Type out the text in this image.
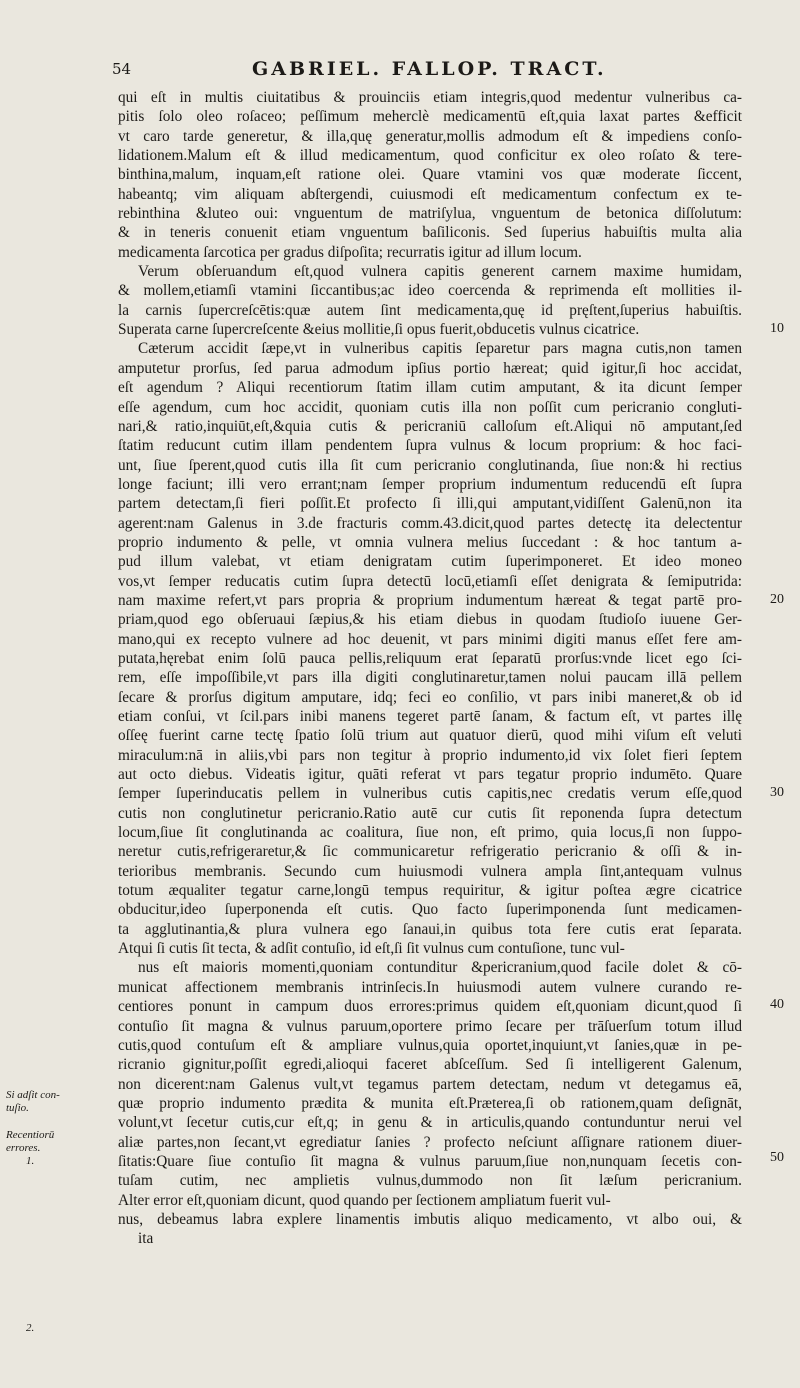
54	GABRIEL. FALLOP. TRACT.
Si adſit con-
tuſio.
Recentiorū
errores.
1.
2.
10
20
30
40
50
qui eſt in multis ciuitatibus & prouinciis etiam integris,quod medentur vulneribus ca-
pitis ſolo oleo roſaceo; peſſimum meherclè medicamentū eſt,quia laxat partes &efficit
vt caro tarde generetur, & illa,quę generatur,mollis admodum eſt & impediens conſo-
lidationem.Malum eſt & illud medicamentum, quod conficitur ex oleo roſato & tere-
binthina,malum, inquam,eſt ratione olei. Quare vtamini vos quæ moderate ſiccent,
habeantq; vim aliquam abſtergendi, cuiusmodi eſt medicamentum confectum ex te-
rebinthina &luteo oui: vnguentum de matriſylua, vnguentum de betonica diſſolutum:
& in teneris conuenit etiam vnguentum baſiliconis. Sed ſuperius habuiſtis multa alia
medicamenta ſarcotica per gradus diſpoſita; recurratis igitur ad illum locum.
Verum obſeruandum eſt,quod vulnera capitis generent carnem maxime humidam,
& mollem,etiamſi vtamini ſiccantibus;ac ideo coercenda & reprimenda eſt mollities il-
la carnis ſupercreſcētis:quæ autem ſint medicamenta,quę id pręſtent,ſuperius habuiſtis.
Superata carne ſupercreſcente &eius mollitie,ſi opus fuerit,obducetis vulnus cicatrice.
Cæterum accidit ſæpe,vt in vulneribus capitis ſeparetur pars magna cutis,non tamen
amputetur prorſus, ſed parua admodum ipſius portio hæreat; quid igitur,ſi hoc accidat,
eſt agendum ? Aliqui recentiorum ſtatim illam cutim amputant, & ita dicunt ſemper
eſſe agendum, cum hoc accidit, quoniam cutis illa non poſſit cum pericranio congluti-
nari,& ratio,inquiūt,eſt,&quia cutis & pericraniū calloſum eſt.Aliqui nō amputant,ſed
ſtatim reducunt cutim illam pendentem ſupra vulnus & locum proprium: & hoc faci-
unt, ſiue ſperent,quod cutis illa ſit cum pericranio conglutinanda, ſiue non:& hi rectius
longe faciunt; illi vero errant;nam ſemper proprium indumentum reducendū eſt ſupra
partem detectam,ſi fieri poſſit.Et profecto ſi illi,qui amputant,vidiſſent Galenū,non ita
agerent:nam Galenus in 3.de fracturis comm.43.dicit,quod partes detectę ita delectentur
proprio indumento & pelle, vt omnia vulnera melius ſuccedant : & hoc tantum a-
pud illum valebat, vt etiam denigratam cutim ſuperimponeret. Et ideo moneo
vos,vt ſemper reducatis cutim ſupra detectū locū,etiamſi eſſet denigrata & ſemiputrida:
nam maxime refert,vt pars propria & proprium indumentum hæreat & tegat partē pro-
priam,quod ego obſeruaui ſæpius,& his etiam diebus in quodam ſtudioſo iuuene Ger-
mano,qui ex recepto vulnere ad hoc deuenit, vt pars minimi digiti manus eſſet fere am-
putata,hęrebat enim ſolū pauca pellis,reliquum erat ſeparatū prorſus:vnde licet ego ſci-
rem, eſſe impoſſibile,vt pars illa digiti conglutinaretur,tamen nolui paucam illā pellem
ſecare & prorſus digitum amputare, idq; feci eo conſilio, vt pars inibi maneret,& ob id
etiam conſui, vt ſcil.pars inibi manens tegeret partē ſanam, & factum eſt, vt partes illę
oſſeę fuerint carne tectę ſpatio ſolū trium aut quatuor dierū, quod mihi viſum eſt veluti
miraculum:nā in aliis,vbi pars non tegitur à proprio indumento,id vix ſolet fieri ſeptem
aut octo diebus. Videatis igitur, quāti referat vt pars tegatur proprio indumēto. Quare
ſemper ſuperinducatis pellem in vulneribus cutis capitis,nec credatis verum eſſe,quod
cutis non conglutinetur pericranio.Ratio autē cur cutis ſit reponenda ſupra detectum
locum,ſiue ſit conglutinanda ac coalitura, ſiue non, eſt primo, quia locus,ſi non ſuppo-
neretur cutis,refrigeraretur,& ſic communicaretur refrigeratio pericranio & oſſi & in-
terioribus membranis. Secundo cum huiusmodi vulnera ampla ſint,antequam vulnus
totum æqualiter tegatur carne,longū tempus requiritur, & igitur poſtea ægre cicatrice
obducitur,ideo ſuperponenda eſt cutis. Quo facto ſuperimponenda ſunt medicamen-
ta agglutinantia,& plura vulnera ego ſanaui,in quibus tota fere cutis erat ſeparata.
Atqui ſi cutis ſit tecta, & adſit contuſio, id eſt,ſi ſit vulnus cum contuſione, tunc vul-
nus eſt maioris momenti,quoniam contunditur &pericranium,quod facile dolet & cō-
municat affectionem membranis intrinſecis.In huiusmodi autem vulnere curando re-
centiores ponunt in campum duos errores:primus quidem eſt,quoniam dicunt,quod ſi
contuſio ſit magna & vulnus paruum,oportere primo ſecare per trāſuerſum totum illud
cutis,quod contuſum eſt & ampliare vulnus,quia oportet,inquiunt,vt ſanies,quæ in pe-
ricranio gignitur,poſſit egredi,alioqui faceret abſceſſum. Sed ſi intelligerent Galenum,
non dicerent:nam Galenus vult,vt tegamus partem detectam, nedum vt detegamus eā,
quæ proprio indumento prædita & munita eſt.Præterea,ſi ob rationem,quam deſignāt,
volunt,vt ſecetur cutis,cur eſt,q; in genu & in articulis,quando contunduntur nerui vel
aliæ partes,non ſecant,vt egrediatur ſanies ? profecto neſciunt aſſignare rationem diuer-
ſitatis:Quare ſiue contuſio ſit magna & vulnus paruum,ſiue non,nunquam ſecetis con-
tuſam cutim, nec amplietis vulnus,dummodo non ſit læſum pericranium.
Alter error eſt,quoniam dicunt, quod quando per ſectionem ampliatum fuerit vul-
nus, debeamus labra explere linamentis imbutis aliquo medicamento, vt albo oui, &
ita
